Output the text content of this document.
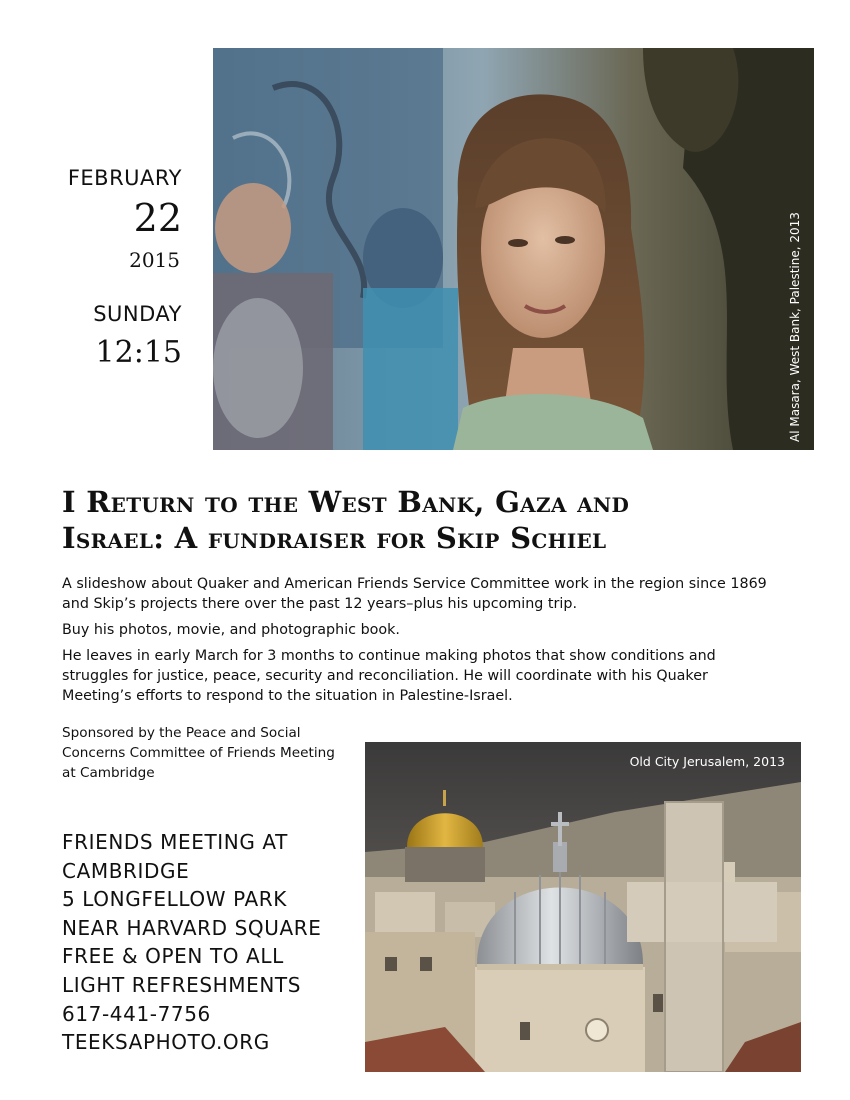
FEBRUARY
22
2015
SUNDAY
12:15	Al Masara, West Bank, Palestine, 2013
I Return to the West Bank, Gaza and
Israel: A fundraiser for Skip Schiel

A slideshow about Quaker and American Friends Service Committee work in the region since 1869
and Skip’s projects there over the past 12 years–plus his upcoming trip.

Buy his photos, movie, and photographic book.

He leaves in early March for 3 months to continue making photos that show conditions and
struggles for justice, peace, security and reconciliation. He will coordinate with his Quaker
Meeting’s efforts to respond to the situation in Palestine-Israel.

Sponsored by the Peace and Social
Concerns Committee of Friends Meeting
at Cambridge
FRIENDS MEETING AT
CAMBRIDGE
5 LONGFELLOW PARK
NEAR HARVARD SQUARE
FREE & OPEN TO ALL
LIGHT REFRESHMENTS
617-441-7756
TEEKSAPHOTO.ORG
Old City Jerusalem, 2013
